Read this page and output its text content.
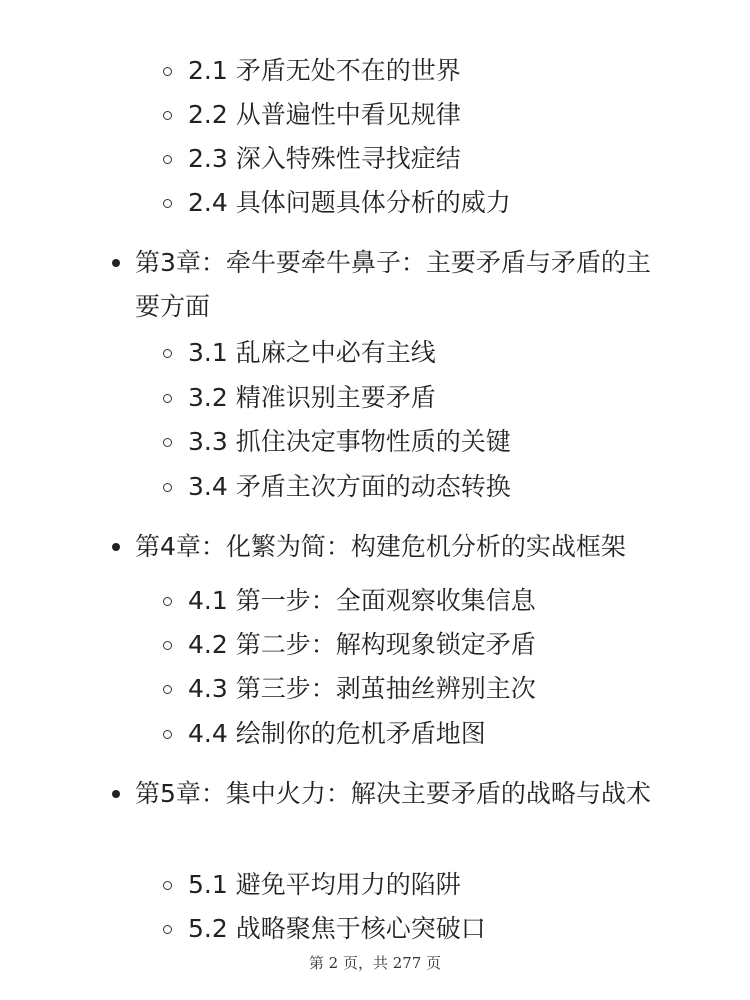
2.1 矛盾无处不在的世界
2.2 从普遍性中看见规律
2.3 深入特殊性寻找症结
2.4 具体问题具体分析的威力
第3章：牵牛要牵牛鼻子：主要矛盾与矛盾的主要方面
3.1 乱麻之中必有主线
3.2 精准识别主要矛盾
3.3 抓住决定事物性质的关键
3.4 矛盾主次方面的动态转换
第4章：化繁为简：构建危机分析的实战框架
4.1 第一步：全面观察收集信息
4.2 第二步：解构现象锁定矛盾
4.3 第三步：剥茧抽丝辨别主次
4.4 绘制你的危机矛盾地图
第5章：集中火力：解决主要矛盾的战略与战术
5.1 避免平均用力的陷阱
5.2 战略聚焦于核心突破口
第 2 页，共 277 页
